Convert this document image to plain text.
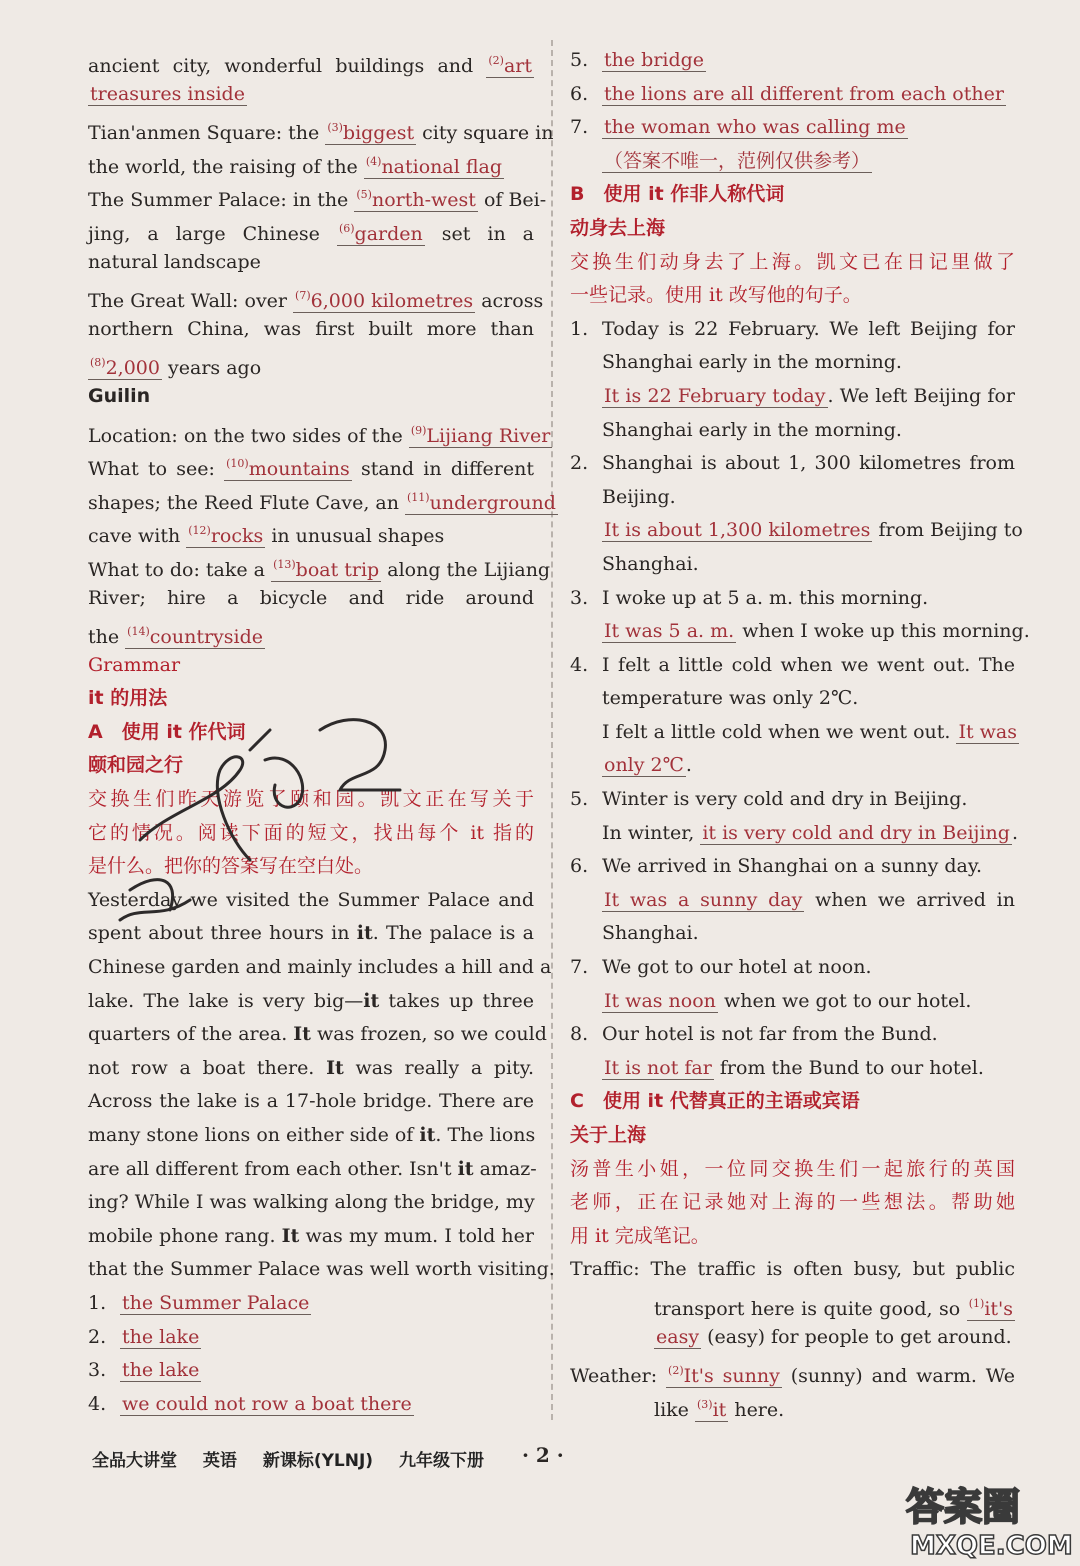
ancient city, wonderful buildings and $^{(2)}$art
treasures inside
Tian'anmen Square: the $^{(3)}$biggest city square in
the world, the raising of the $^{(4)}$national flag
The Summer Palace: in the $^{(5)}$north-west of Bei-
jing, a large Chinese $^{(6)}$garden set in a
natural landscape
The Great Wall: over $^{(7)}$6,000 kilometres across
northern China, was first built more than
$^{(8)}$2,000 years ago
Guilin
Location: on the two sides of the $^{(9)}$Lijiang River
What to see: $^{(10)}$mountains stand in different
shapes; the Reed Flute Cave, an $^{(11)}$underground
cave with $^{(12)}$rocks in unusual shapes
What to do: take a $^{(13)}$boat trip along the Lijiang
River; hire a bicycle and ride around
the $^{(14)}$countryside
Grammar
it 的用法
A　使用 it 作代词
颐和园之行
交换生们昨天游览了颐和园。凯文正在写关于
它的情况。阅读下面的短文，找出每个 it 指的
是什么。把你的答案写在空白处。
Yesterday we visited the Summer Palace and
spent about three hours in it. The palace is a
Chinese garden and mainly includes a hill and a
lake. The lake is very big—it takes up three
quarters of the area. It was frozen, so we could
not row a boat there. It was really a pity.
Across the lake is a 17-hole bridge. There are
many stone lions on either side of it. The lions
are all different from each other. Isn't it amaz-
ing? While I was walking along the bridge, my
mobile phone rang. It was my mum. I told her
that the Summer Palace was well worth visiting.
1. the Summer Palace
2. the lake
3. the lake
4. we could not row a boat there
5. the bridge
6. the lions are all different from each other
7. the woman who was calling me
（答案不唯一，范例仅供参考）
B　使用 it 作非人称代词
动身去上海
交换生们动身去了上海。凯文已在日记里做了
一些记录。使用 it 改写他的句子。
1. Today is 22 February. We left Beijing for
Shanghai early in the morning.
It is 22 February today . We left Beijing for
Shanghai early in the morning.
2. Shanghai is about 1, 300 kilometres from
Beijing.
It is about 1,300 kilometres from Beijing to
Shanghai.
3. I woke up at 5 a. m. this morning.
It was 5 a. m. when I woke up this morning.
4. I felt a little cold when we went out. The
temperature was only 2℃.
I felt a little cold when we went out. It was
only 2℃ .
5. Winter is very cold and dry in Beijing.
In winter, it is very cold and dry in Beijing .
6. We arrived in Shanghai on a sunny day.
It was a sunny day when we arrived in
Shanghai.
7. We got to our hotel at noon.
It was noon when we got to our hotel.
8. Our hotel is not far from the Bund.
It is not far from the Bund to our hotel.
C　使用 it 代替真正的主语或宾语
关于上海
汤普生小姐，一位同交换生们一起旅行的英国
老师，正在记录她对上海的一些想法。帮助她
用 it 完成笔记。
Traffic: The traffic is often busy, but public
transport here is quite good, so $^{(1)}$it's
easy (easy) for people to get around.
Weather: $^{(2)}$It's sunny (sunny) and warm. We
like $^{(3)}$it here.
全品大讲堂 英语 新课标(YLNJ) 九年级下册	· 2 ·
答案圈
MXQE.COM
